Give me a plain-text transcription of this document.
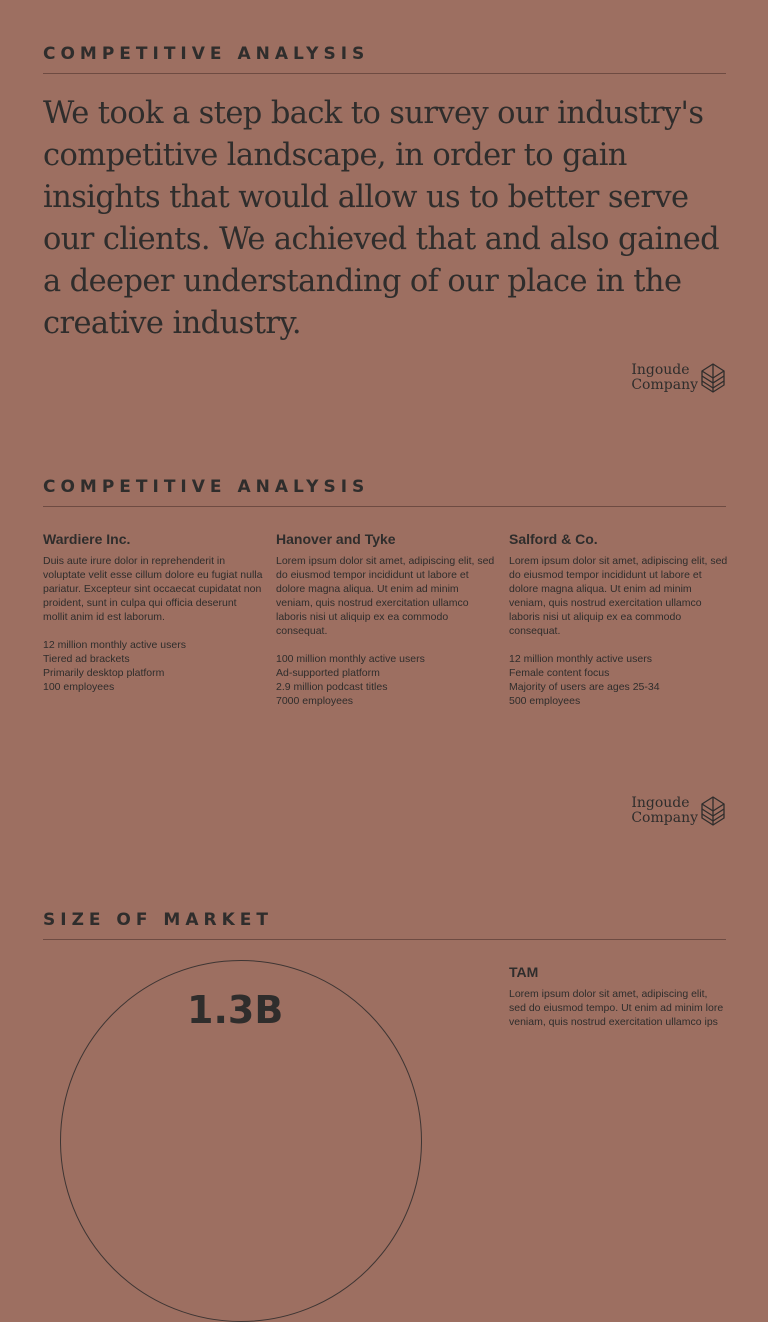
COMPETITIVE ANALYSIS
We took a step back to survey our industry's
competitive landscape, in order to gain
insights that would allow us to better serve
our clients. We achieved that and also gained
a deeper understanding of our place in the
creative industry.
Ingoude
Company
COMPETITIVE ANALYSIS
Wardiere Inc.

Duis aute irure dolor in reprehenderit in voluptate velit esse cillum dolore eu fugiat nulla pariatur. Excepteur sint occaecat cupidatat non proident, sunt in culpa qui officia deserunt mollit anim id est laborum.

12 million monthly active users
Tiered ad brackets
Primarily desktop platform
100 employees
Hanover and Tyke

Lorem ipsum dolor sit amet, adipiscing elit, sed do eiusmod tempor incididunt ut labore et dolore magna aliqua. Ut enim ad minim veniam, quis nostrud exercitation ullamco laboris nisi ut aliquip ex ea commodo consequat.

100 million monthly active users
Ad-supported platform
2.9 million podcast titles
7000 employees
Salford & Co.

Lorem ipsum dolor sit amet, adipiscing elit, sed do eiusmod tempor incididunt ut labore et dolore magna aliqua. Ut enim ad minim veniam, quis nostrud exercitation ullamco laboris nisi ut aliquip ex ea commodo consequat.

12 million monthly active users
Female content focus
Majority of users are ages 25-34
500 employees
Ingoude
Company
SIZE OF MARKET

1.3B

TAM
Lorem ipsum dolor sit amet, adipiscing elit,
sed do eiusmod tempo. Ut enim ad minim lore
veniam, quis nostrud exercitation ullamco ips
